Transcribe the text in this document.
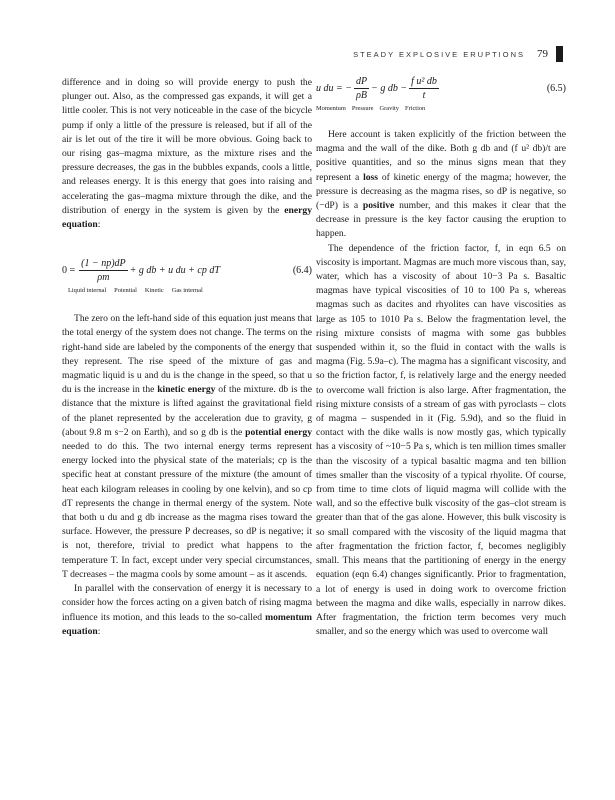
STEADY EXPLOSIVE ERUPTIONS 79

difference and in doing so will provide energy to push the plunger out. Also, as the compressed gas expands, it will get a little cooler. This is not very noticeable in the case of the bicycle pump if only a little of the pressure is released, but if all of the air is let out of the tire it will be more obvious. Going back to our rising gas–magma mixture, as the mixture rises and the pressure decreases, the gas in the bubbles expands, cools a little, and releases energy. It is this energy that goes into raising and accelerating the gas–magma mixture through the dike, and the distribution of energy in the system is given by the energy equation:

$0 = \frac{(1 - np)dP}{\rho m} + g$ db + u du + cp dT	(6.4)
Liquid internal Potential Kinetic Gas internal

The zero on the left-hand side of this equation just means that the total energy of the system does not change. The terms on the right-hand side are labeled by the components of the energy that they represent. The rise speed of the mixture of gas and magmatic liquid is u and du is the change in the speed, so that u du is the increase in the kinetic energy of the mixture. db is the distance that the mixture is lifted against the gravitational field of the planet represented by the acceleration due to gravity, g (about 9.8 m s−2 on Earth), and so g db is the potential energy needed to do this. The two internal energy terms represent energy locked into the physical state of the materials; cp is the specific heat at constant pressure of the mixture (the amount of heat each kilogram releases in cooling by one kelvin), and so cp dT represents the change in thermal energy of the system. Note that both u du and g db increase as the magma rises toward the surface. However, the pressure P decreases, so dP is negative; it is not, therefore, trivial to predict what happens to the temperature T. In fact, except under very special circumstances, T decreases – the magma cools by some amount – as it ascends.

In parallel with the conservation of energy it is necessary to consider how the forces acting on a given batch of rising magma influence its motion, and this leads to the so-called momentum equation:

u du = − $\frac{dP}{\rho B} - g$ db − $\frac{\text{f u² db}}{t}$	(6.5)
Momentum Pressure Gravity Friction

Here account is taken explicitly of the friction between the magma and the wall of the dike. Both g db and (f u² db)/t are positive quantities, and so the minus signs mean that they represent a loss of kinetic energy of the magma; however, the pressure is decreasing as the magma rises, so dP is negative, so (−dP) is a positive number, and this makes it clear that the decrease in pressure is the key factor causing the eruption to happen.

The dependence of the friction factor, f, in eqn 6.5 on viscosity is important. Magmas are much more viscous than, say, water, which has a viscosity of about 10−3 Pa s. Basaltic magmas have typical viscosities of 10 to 100 Pa s, whereas magmas such as dacites and rhyolites can have viscosities as large as 105 to 1010 Pa s. Below the fragmentation level, the rising mixture consists of magma with some gas bubbles suspended within it, so the fluid in contact with the walls is magma (Fig. 5.9a–c). The magma has a significant viscosity, and so the friction factor, f, is relatively large and the energy needed to overcome wall friction is also large. After fragmentation, the rising mixture consists of a stream of gas with pyroclasts – clots of magma – suspended in it (Fig. 5.9d), and so the fluid in contact with the dike walls is now mostly gas, which typically has a viscosity of ~10−5 Pa s, which is ten million times smaller than the viscosity of a typical basaltic magma and ten billion times smaller than the viscosity of a typical rhyolite. Of course, from time to time clots of liquid magma will collide with the wall, and so the effective bulk viscosity of the gas–clot stream is greater than that of the gas alone. However, this bulk viscosity is so small compared with the viscosity of the liquid magma that after fragmentation the friction factor, f, becomes negligibly small. This means that the partitioning of energy in the energy equation (eqn 6.4) changes significantly. Prior to fragmentation, a lot of energy is used in doing work to overcome friction between the magma and dike walls, especially in narrow dikes. After fragmentation, the friction term becomes very much smaller, and so the energy which was used to overcome wall
